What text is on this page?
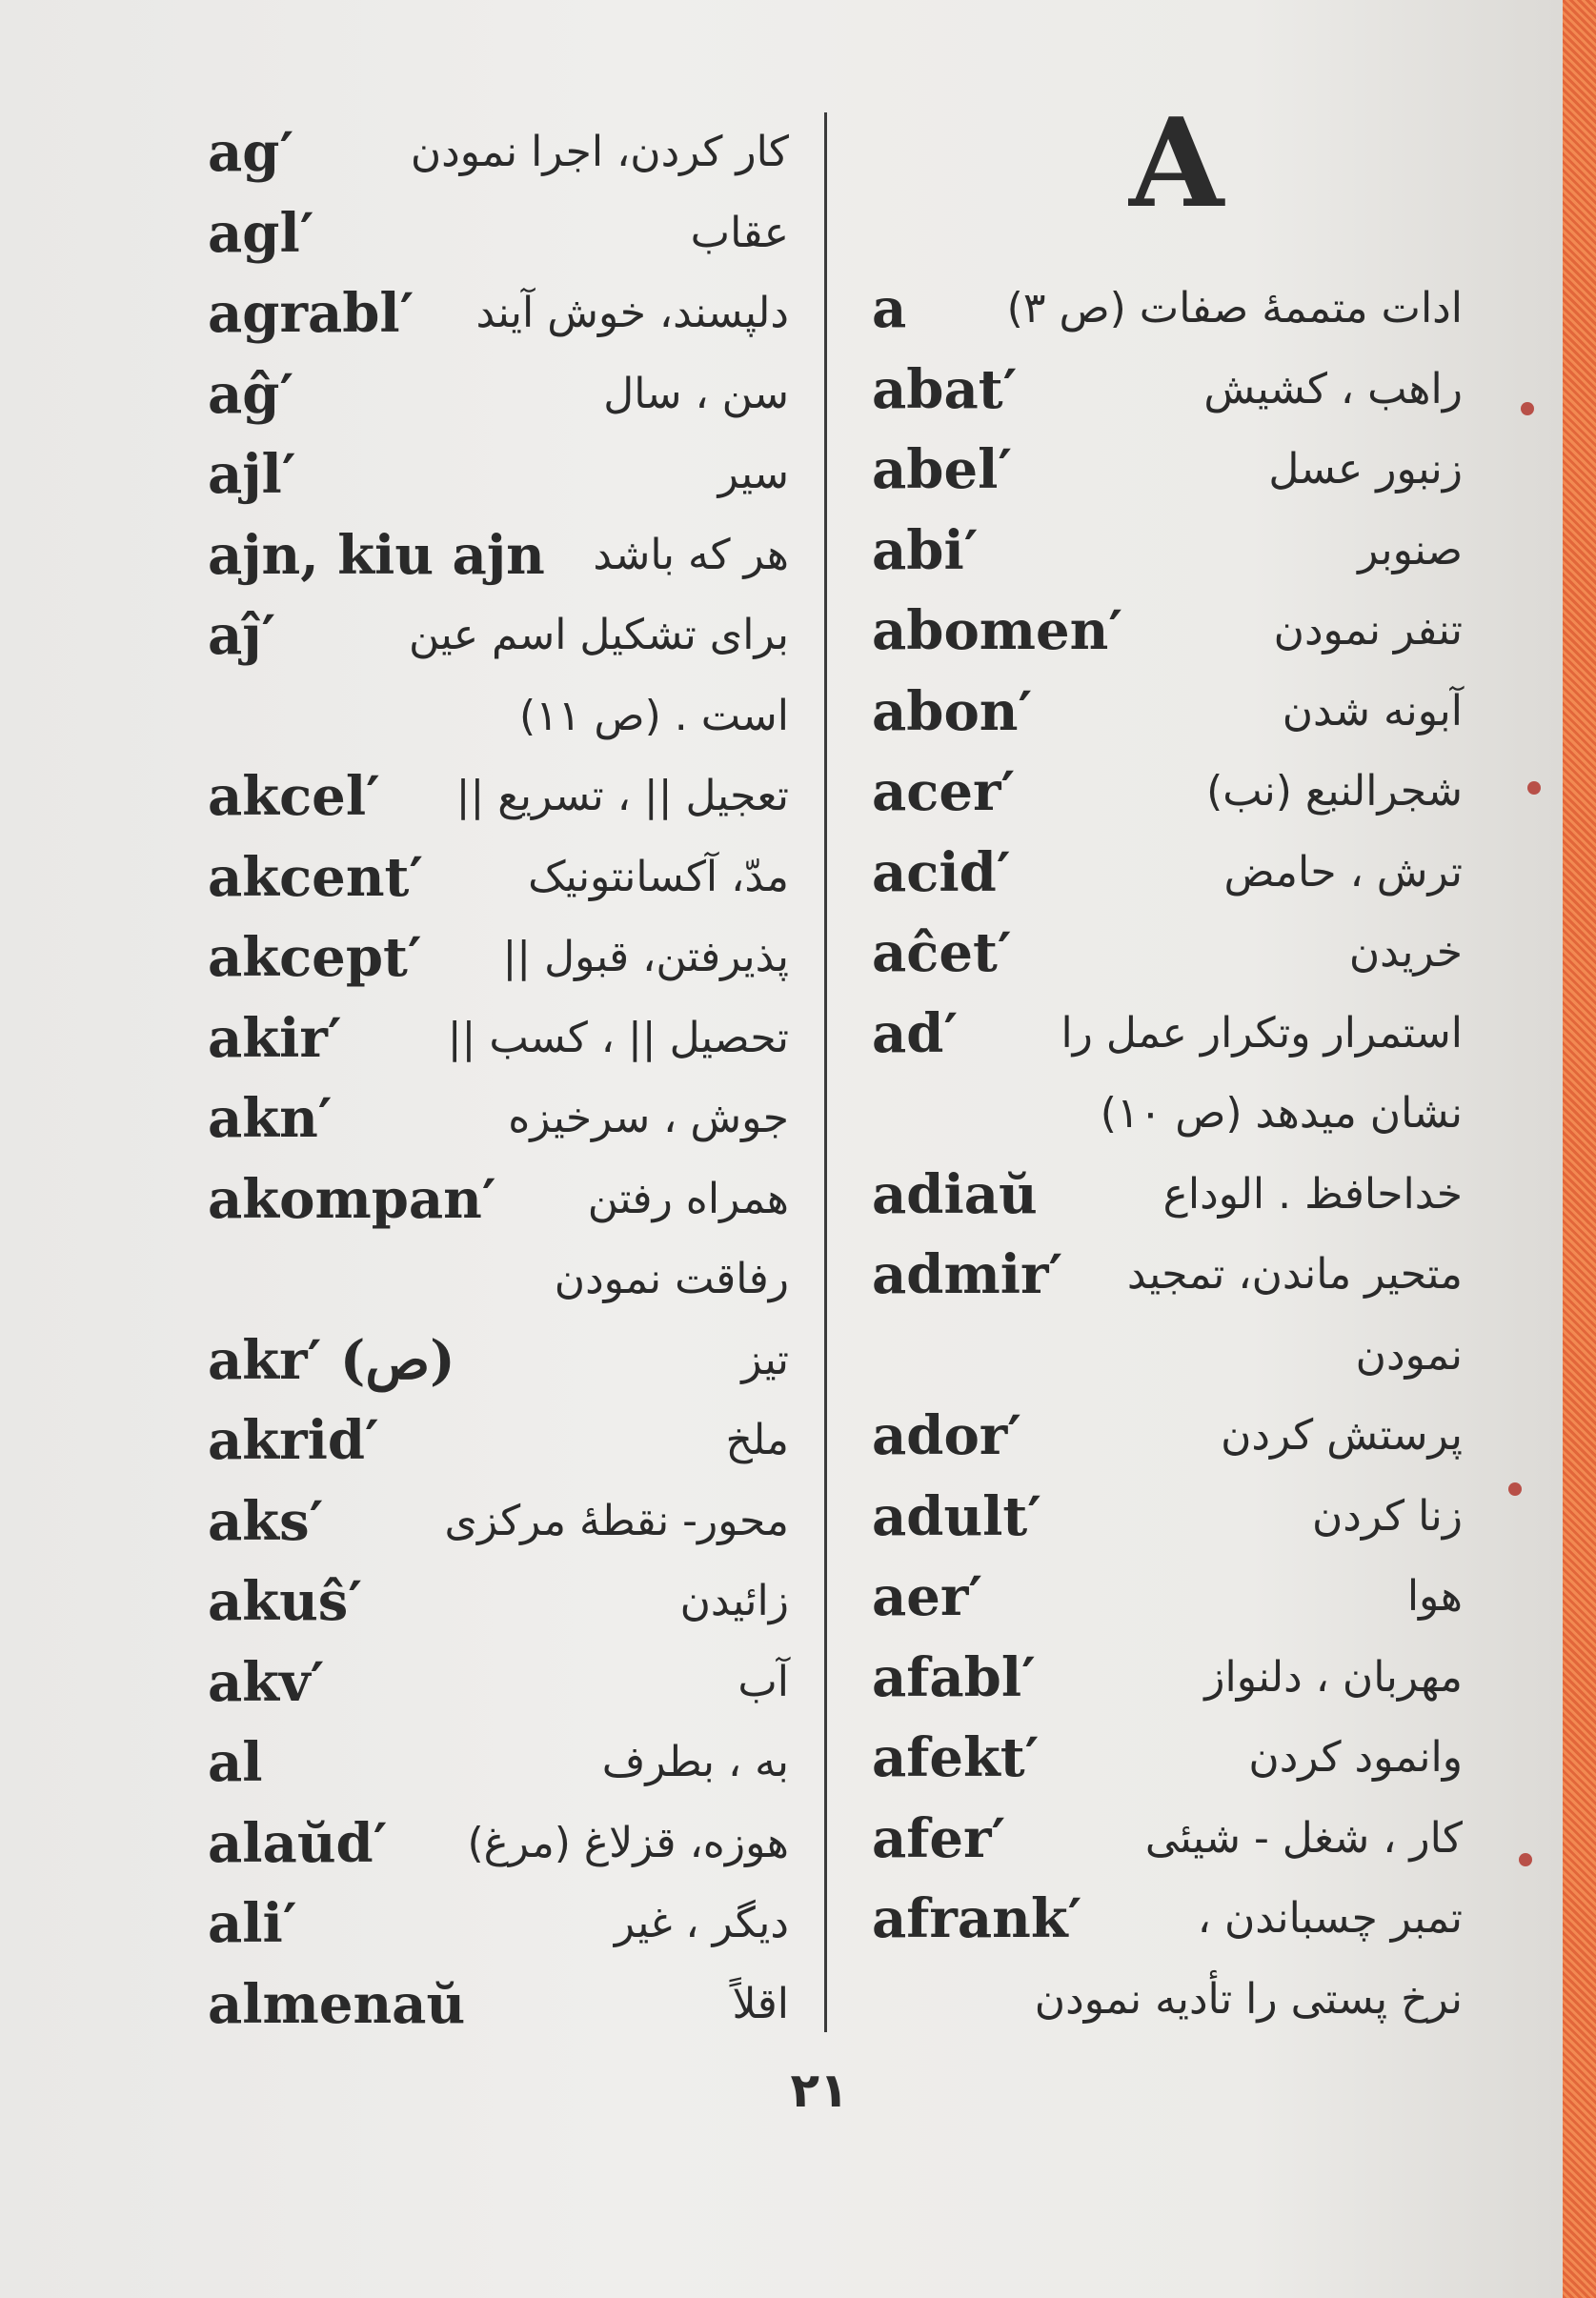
A
ag′	کار کردن، اجرا نمودن
agl′	عقاب
agrabl′ دلپسند، خوش آیند
aĝ′	سن ، سال
ajl′	سیر
ajn, kiu ajn هر که باشد
aĵ′	برای تشکیل اسم عین
است . (ص ۱۱)
akcel′ تعجیل || ، تسریع ||
akcent′ مدّ، آکسانتونیک
akcept′ پذیرفتن، قبول ||
akir′	تحصیل || ، کسب ||
akn′	جوش ، سرخیزه
akompan′ همراه رفتن
رفاقت نمودن
akr′ (ص)	تیز
akrid′	ملخ
aks′	محور- نقطهٔ مرکزی
akuŝ′	زائیدن
akv′	آب
al	به ، بطرف
alaŭd′ هوزه، قزلاغ (مرغ)
ali′	دیگر ، غیر
almenaŭ	اقلاً
a ادات متممهٔ صفات (ص ۳)
abat′	راهب ، کشیش
abel′	زنبور عسل
abi′	صنوبر
abomen′	تنفر نمودن
abon′	آبونه شدن
acer′	شجرالنبع (نب)
acid′	ترش ، حامض
aĉet′	خریدن
ad′ استمرار وتکرار عمل را
نشان میدهد (ص ۱۰)
adiaŭ	خداحافظ . الوداع
admir′ متحیر ماندن، تمجید
نمودن
ador′	پرستش کردن
adult′	زنا کردن
aer′	هوا
afabl′	مهربان ، دلنواز
afekt′	وانمود کردن
afer′	کار ، شغل - شیئی
afrank′	تمبر چسباندن ،
نرخ پستی را تأدیه نمودن
۲۱
